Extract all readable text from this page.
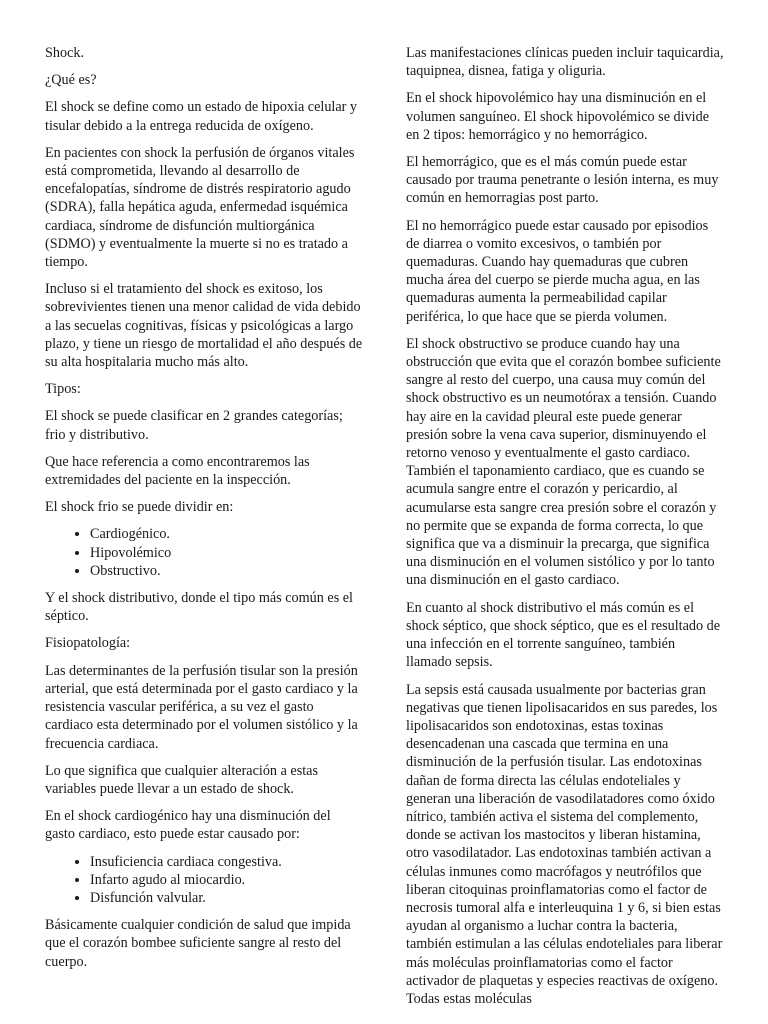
Shock.

¿Qué es?

El shock se define como un estado de hipoxia celular y tisular debido a la entrega reducida de oxígeno.

En pacientes con shock la perfusión de órganos vitales está comprometida, llevando al desarrollo de encefalopatías, síndrome de distrés respiratorio agudo (SDRA), falla hepática aguda, enfermedad isquémica cardiaca, síndrome de disfunción multiorgánica (SDMO) y eventualmente la muerte si no es tratado a tiempo.

Incluso si el tratamiento del shock es exitoso, los sobrevivientes tienen una menor calidad de vida debido a las secuelas cognitivas, físicas y psicológicas a largo plazo, y tiene un riesgo de mortalidad el año después de su alta hospitalaria mucho más alto.

Tipos:

El shock se puede clasificar en 2 grandes categorías; frio y distributivo.

Que hace referencia a como encontraremos las extremidades del paciente en la inspección.

El shock frio se puede dividir en:

• Cardiogénico.
• Hipovolémico
• Obstructivo.

Y el shock distributivo, donde el tipo más común es el séptico.

Fisiopatología:

Las determinantes de la perfusión tisular son la presión arterial, que está determinada por el gasto cardiaco y la resistencia vascular periférica, a su vez el gasto cardiaco esta determinado por el volumen sistólico y la frecuencia cardiaca.

Lo que significa que cualquier alteración a estas variables puede llevar a un estado de shock.

En el shock cardiogénico hay una disminución del gasto cardiaco, esto puede estar causado por:

• Insuficiencia cardiaca congestiva.
• Infarto agudo al miocardio.
• Disfunción valvular.

Básicamente cualquier condición de salud que impida que el corazón bombee suficiente sangre al resto del cuerpo.

Las manifestaciones clínicas pueden incluir taquicardia, taquipnea, disnea, fatiga y oliguria.

En el shock hipovolémico hay una disminución en el volumen sanguíneo. El shock hipovolémico se divide en 2 tipos: hemorrágico y no hemorrágico.

El hemorrágico, que es el más común puede estar causado por trauma penetrante o lesión interna, es muy común en hemorragias post parto.

El no hemorrágico puede estar causado por episodios de diarrea o vomito excesivos, o también por quemaduras. Cuando hay quemaduras que cubren mucha área del cuerpo se pierde mucha agua, en las quemaduras aumenta la permeabilidad capilar periférica, lo que hace que se pierda volumen.

El shock obstructivo se produce cuando hay una obstrucción que evita que el corazón bombee suficiente sangre al resto del cuerpo, una causa muy común del shock obstructivo es un neumotórax a tensión. Cuando hay aire en la cavidad pleural este puede generar presión sobre la vena cava superior, disminuyendo el retorno venoso y eventualmente el gasto cardiaco. También el taponamiento cardiaco, que es cuando se acumula sangre entre el corazón y pericardio, al acumularse esta sangre crea presión sobre el corazón y no permite que se expanda de forma correcta, lo que significa que va a disminuir la precarga, que significa una disminución en el volumen sistólico y por lo tanto una disminución en el gasto cardiaco.

En cuanto al shock distributivo el más común es el shock séptico, que shock séptico, que es el resultado de una infección en el torrente sanguíneo, también llamado sepsis.

La sepsis está causada usualmente por bacterias gran negativas que tienen lipolisacaridos en sus paredes, los lipolisacaridos son endotoxinas, estas toxinas desencadenan una cascada que termina en una disminución de la perfusión tisular. Las endotoxinas dañan de forma directa las células endoteliales y generan una liberación de vasodilatadores como óxido nítrico, también activa el sistema del complemento, donde se activan los mastocitos y liberan histamina, otro vasodilatador. Las endotoxinas también activan a células inmunes como macrófagos y neutrófilos que liberan citoquinas proinflamatorias como el factor de necrosis tumoral alfa e interleuquina 1 y 6, si bien estas ayudan al organismo a luchar contra la bacteria, también estimulan a las células endoteliales para liberar más moléculas proinflamatorias como el factor activador de plaquetas y especies reactivas de oxígeno. Todas estas moléculas
